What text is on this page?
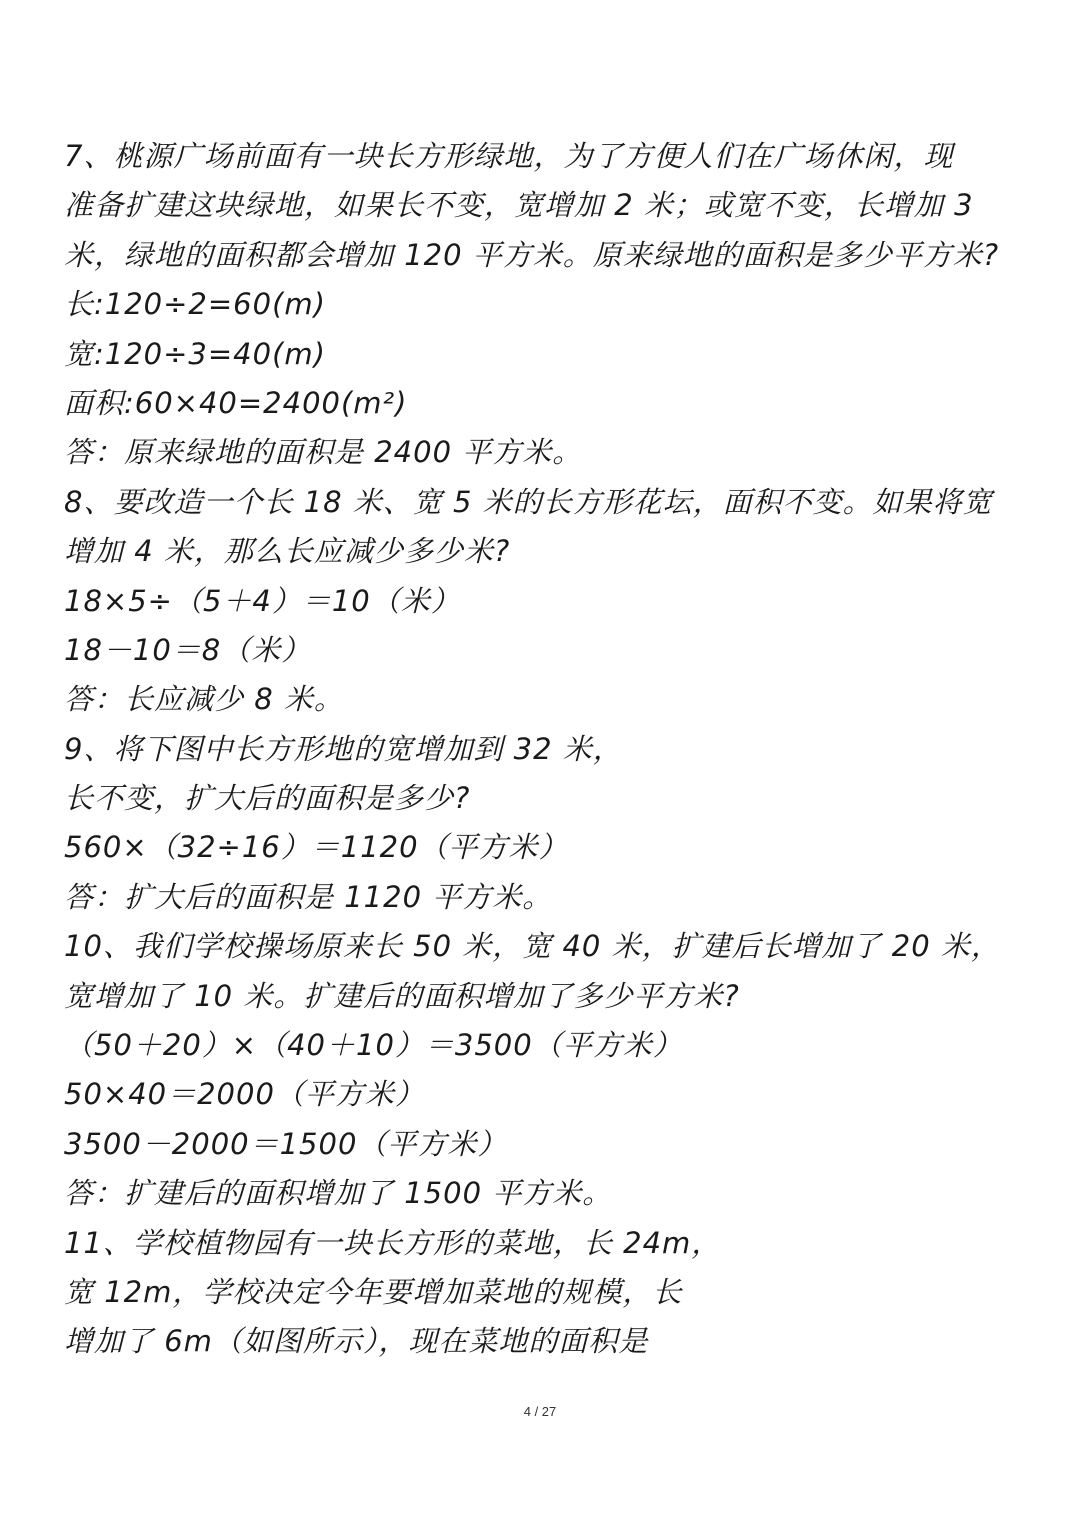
7、桃源广场前面有一块长方形绿地，为了方便人们在广场休闲，现
准备扩建这块绿地，如果长不变，宽增加 2 米；或宽不变，长增加 3
米，绿地的面积都会增加 120 平方米。原来绿地的面积是多少平方米?
长:120÷2=60(m)
宽:120÷3=40(m)
面积:60×40=2400(m²)
答：原来绿地的面积是 2400 平方米。
8、要改造一个长 18 米、宽 5 米的长方形花坛，面积不变。如果将宽
增加 4 米，那么长应减少多少米?
18×5÷（5＋4）＝10（米）
18－10＝8（米）
答：长应减少 8 米。
9、将下图中长方形地的宽增加到 32 米，
长不变，扩大后的面积是多少?
560×（32÷16）＝1120（平方米）
答：扩大后的面积是 1120 平方米。
10、我们学校操场原来长 50 米，宽 40 米，扩建后长增加了 20 米，
宽增加了 10 米。扩建后的面积增加了多少平方米?
（50＋20）×（40＋10）＝3500（平方米）
50×40＝2000（平方米）
3500－2000＝1500（平方米）
答：扩建后的面积增加了 1500 平方米。
11、学校植物园有一块长方形的菜地，长 24m，
宽 12m，学校决定今年要增加菜地的规模，长
增加了 6m（如图所示），现在菜地的面积是
4 / 27
